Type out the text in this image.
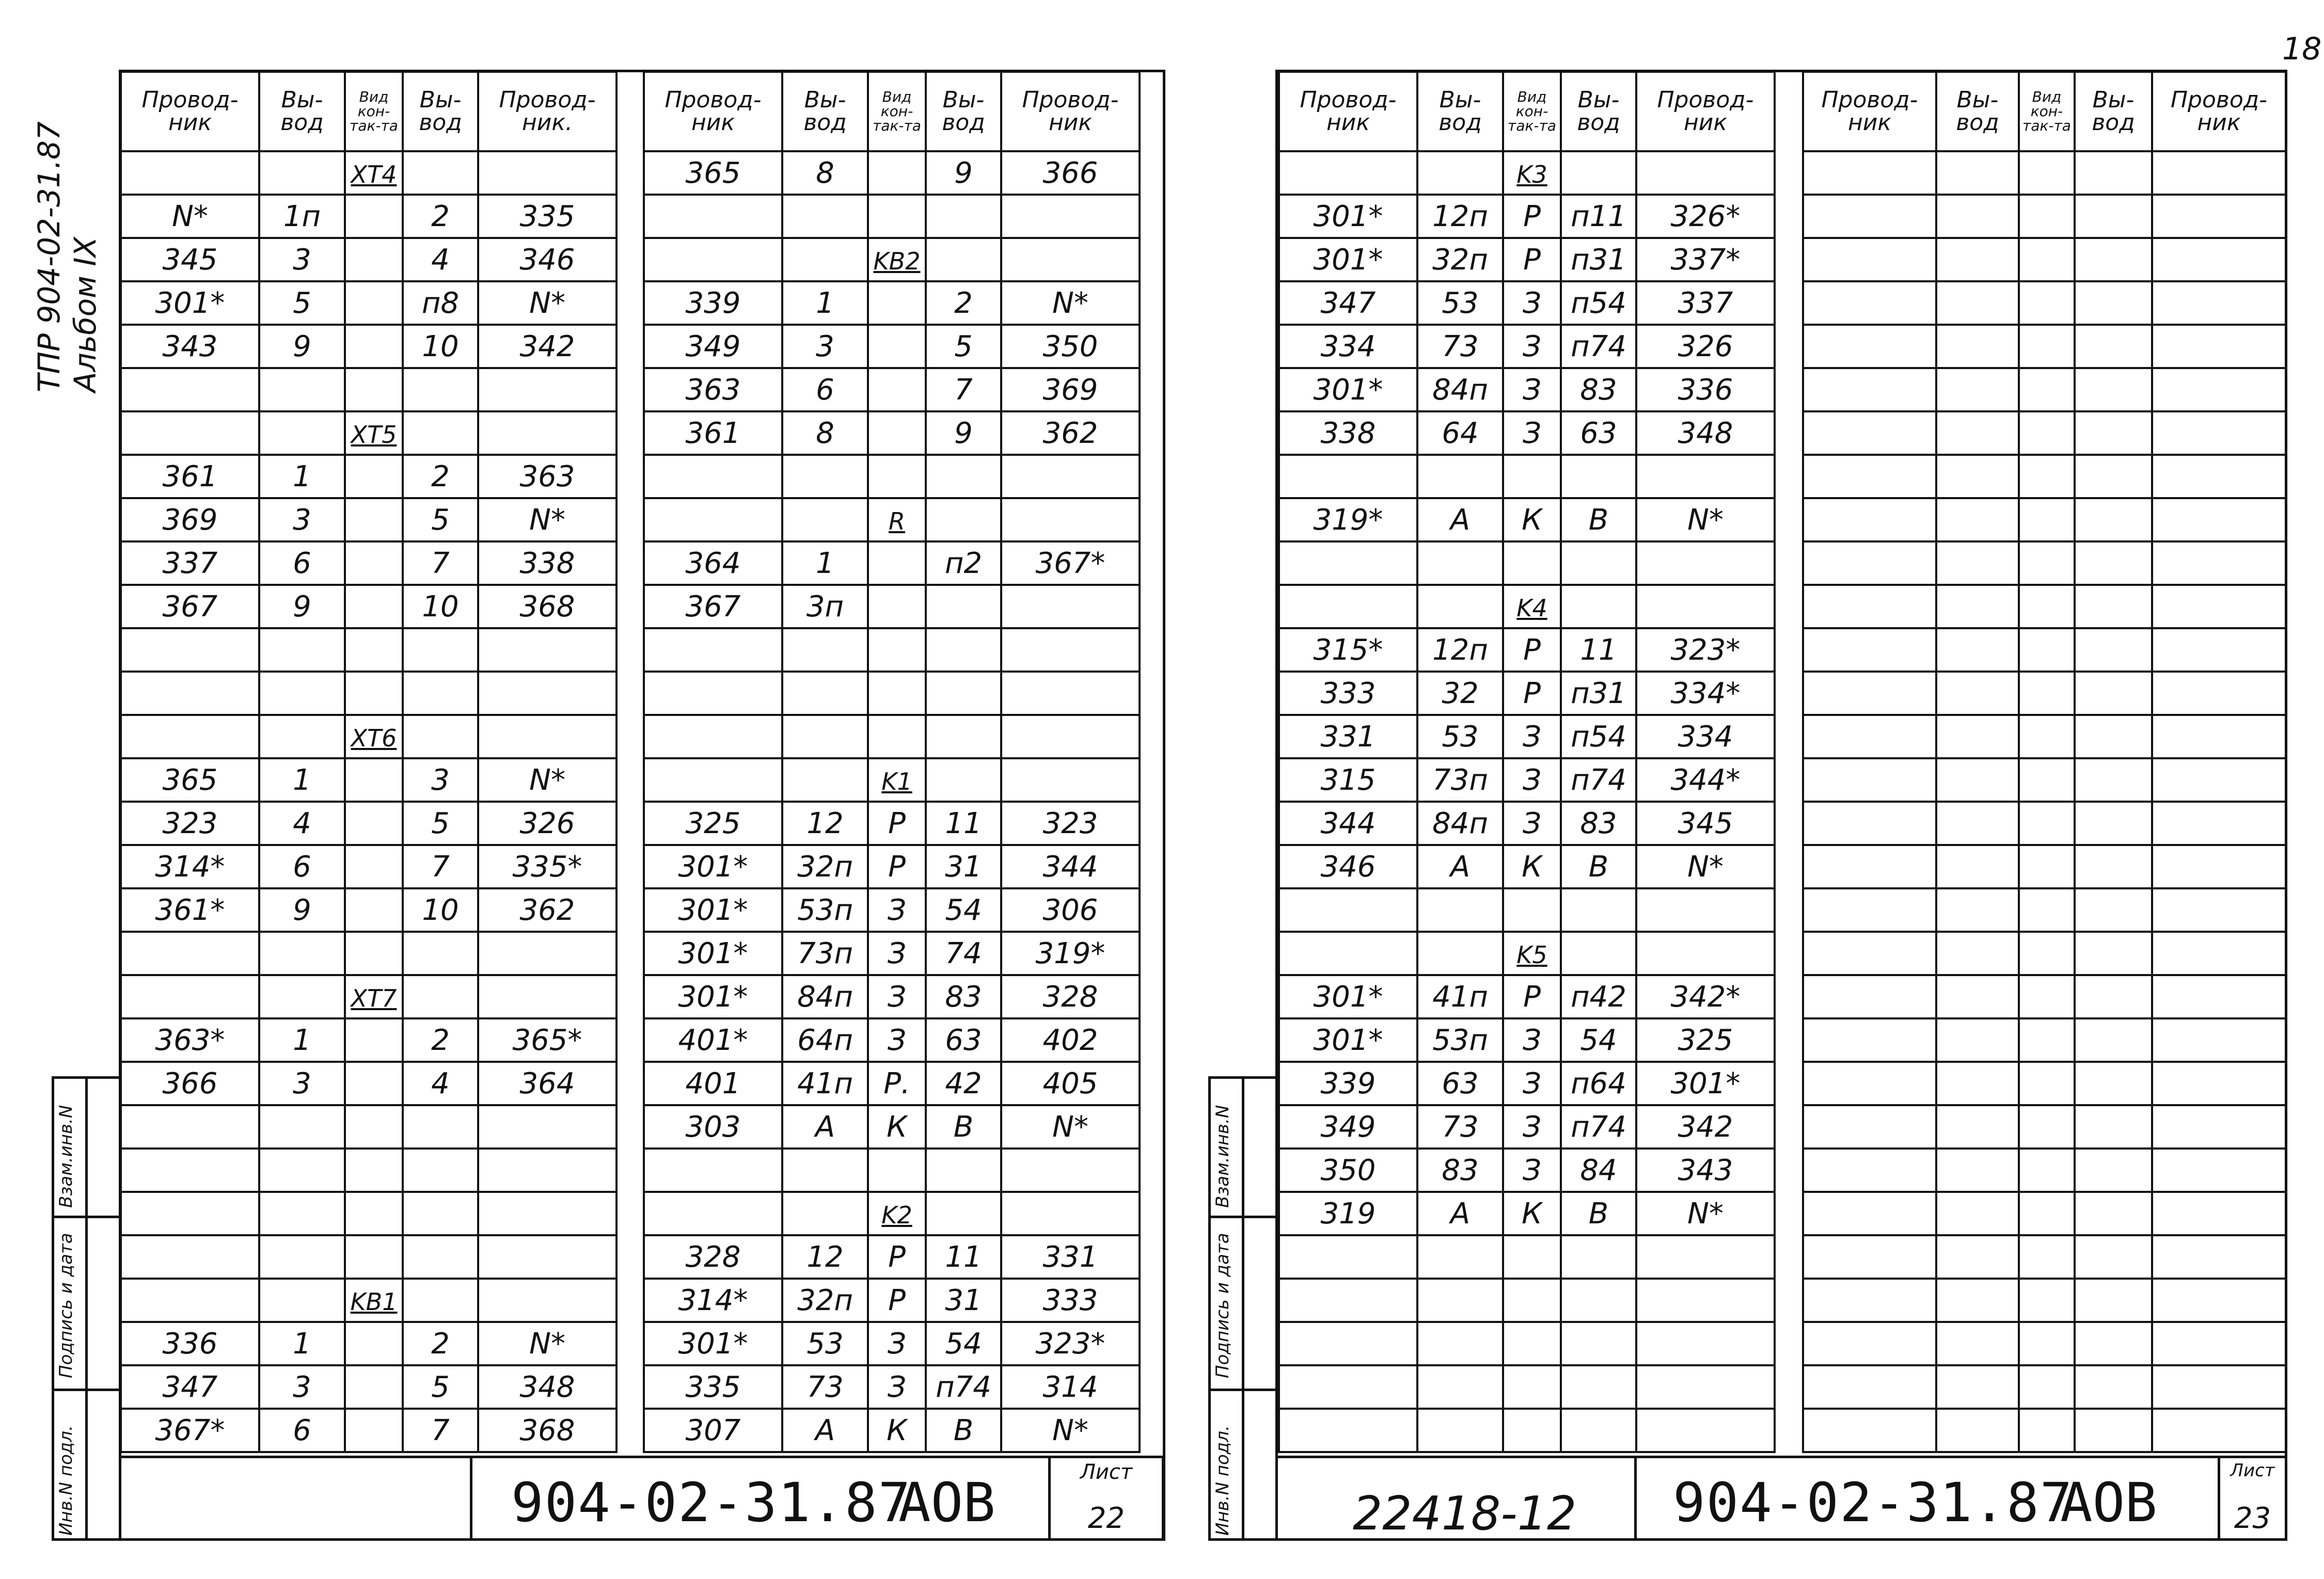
18
ТПР 904-02-31.87 Альбом IX
Взам.инв.N
Подпись и дата
Инв.N подл.
Взам.инв.N
Подпись и дата
Инв.N подл.
Провод-ник	Вы-вод	Вид кон-так-та	Вы-вод	Провод-ник.
		XT4		
N*	1п		2	335
345	3		4	346
301*	5		п8	N*
343	9		10	342

		XT5		
361	1		2	363
369	3		5	N*
337	6		7	338
367	9		10	368

		XT6		
365	1		3	N*
323	4		5	326
314*	6		7	335*
361*	9		10	362

		XT7		
363*	1		2	365*
366	3		4	364

		KB1		
336	1		2	N*
347	3		5	348
367*	6		7	368
Провод-ник	Вы-вод	Вид кон-так-та	Вы-вод	Провод-ник
365	8		9	366

		KB2		
339	1		2	N*
349	3		5	350
363	6		7	369
361	8		9	362

		R		
364	1		п2	367*
367	3п			

		K1		
325	12	Р	11	323
301*	32п	Р	31	344
301*	53п	З	54	306
301*	73п	З	74	319*
301*	84п	З	83	328
401*	64п	З	63	402
401	41п	Р.	42	405
303	А	К	В	N*

		K2		
328	12	Р	11	331
314*	32п	Р	31	333
301*	53	З	54	323*
335	73	З	п74	314
307	А	К	В	N*
Провод-ник	Вы-вод	Вид кон-так-та	Вы-вод	Провод-ник
		K3		
301*	12п	Р	п11	326*
301*	32п	Р	п31	337*
347	53	З	п54	337
334	73	З	п74	326
301*	84п	З	83	336
338	64	З	63	348

319*	А	К	В	N*

		K4		
315*	12п	Р	11	323*
333	32	Р	п31	334*
331	53	З	п54	334
315	73п	З	п74	344*
344	84п	З	83	345
346	А	К	В	N*

		K5		
301*	41п	Р	п42	342*
301*	53п	З	54	325
339	63	З	п64	301*
349	73	З	п74	342
350	83	З	84	343
319	А	К	В	N*

Провод-ник	Вы-вод	Вид кон-так-та	Вы-вод	Провод-ник

904-02-31.87
АОВ	Лист
22	22418-12 904-02-31.87
АОВ
Лист
23
